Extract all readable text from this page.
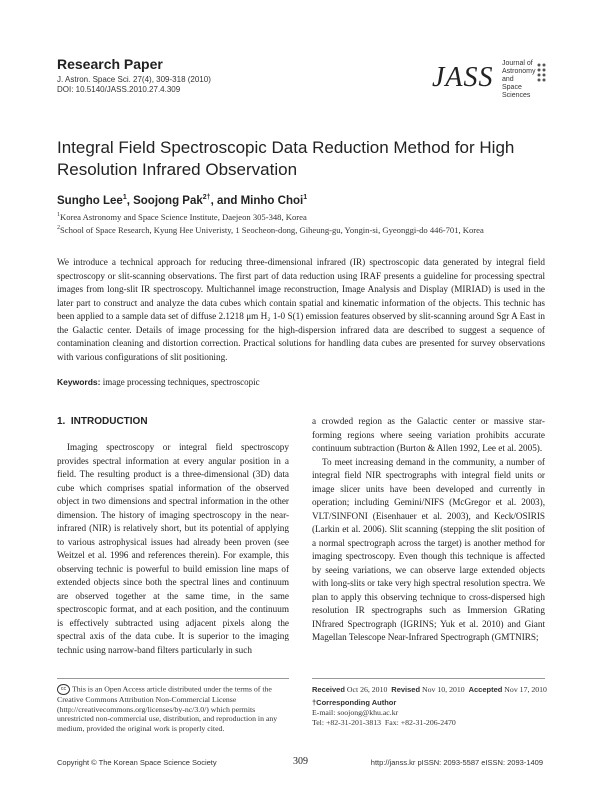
Research Paper
J. Astron. Space Sci. 27(4), 309-318 (2010)
DOI: 10.5140/JASS.2010.27.4.309	JASS Journal of
Astronomy and
Space Sciences
Integral Field Spectroscopic Data Reduction Method for High
Resolution Infrared Observation
Sungho Lee$^1$, Soojong Pak$^{2\dagger}$, and Minho Choi$^1$
$^1$Korea Astronomy and Space Science Institute, Daejeon 305-348, Korea
$^2$School of Space Research, Kyung Hee Univeristy, 1 Seocheon-dong, Giheung-gu, Yongin-si, Gyeonggi-do 446-701, Korea
We introduce a technical approach for reducing three-dimensional infrared (IR) spectroscopic data generated by integral field spectroscopy or slit-scanning observations. The first part of data reduction using IRAF presents a guideline for processing spectral images from long-slit IR spectroscopy. Multichannel image reconstruction, Image Analysis and Display (MIRIAD) is used in the later part to construct and analyze the data cubes which contain spatial and kinematic information of the objects. This technic has been applied to a sample data set of diffuse 2.1218 μm H₂ 1-0 S(1) emission features observed by slit-scanning around Sgr A East in the Galactic center. Details of image processing for the high-dispersion infrared data are described to suggest a sequence of contamination cleaning and distortion correction. Practical solutions for handling data cubes are presented for survey observations with various configurations of slit positioning.
Keywords: image processing techniques, spectroscopic
1.  INTRODUCTION
Imaging spectroscopy or integral field spectroscopy provides spectral information at every angular position in a field. The resulting product is a three-dimensional (3D) data cube which comprises spatial information of the observed object in two dimensions and spectral information in the other dimension. The history of imaging spectroscopy in the near-infrared (NIR) is relatively short, but its potential of applying to various astrophysical issues had already been proven (see Weitzel et al. 1996 and references therein). For example, this observing technic is powerful to build emission line maps of extended objects since both the spectral lines and continuum are observed together at the same time, in the same spectroscopic format, and at each position, and the continuum is effectively subtracted using adjacent pixels along the spectral axis of the data cube. It is superior to the imaging technic using narrow-band filters particularly in such

a crowded region as the Galactic center or massive star-forming regions where seeing variation prohibits accurate continuum subtraction (Burton & Allen 1992, Lee et al. 2005).

To meet increasing demand in the community, a number of integral field NIR spectrographs with integral field units or image slicer units have been developed and currently in operation; including Gemini/NIFS (McGregor et al. 2003), VLT/SINFONI (Eisenhauer et al. 2003), and Keck/OSIRIS (Larkin et al. 2006). Slit scanning (stepping the slit position of a normal spectrograph across the target) is another method for imaging spectroscopy. Even though this technique is affected by seeing variations, we can observe large extended objects with long-slits or take very high spectral resolution spectra. We plan to apply this observing technique to cross-dispersed high resolution IR spectrographs such as Immersion GRating INfrared Spectrograph (IGRINS; Yuk et al. 2010) and Giant Magellan Telescope Near-Infrared Spectrograph (GMTNIRS;

cc This is an Open Access article distributed under the terms of the Creative Commons Attribution Non-Commercial License (http://creativecommons.org/licenses/by-nc/3.0/) which permits unrestricted non-commercial use, distribution, and reproduction in any medium, provided the original work is properly cited.
Received Oct 26, 2010  Revised Nov 10, 2010  Accepted Nov 17, 2010
†Corresponding Author
E-mail: soojong@khu.ac.kr
Tel: +82-31-201-3813  Fax: +82-31-206-2470
Copyright © The Korean Space Science Society	309	http://janss.kr pISSN: 2093-5587 eISSN: 2093-1409
